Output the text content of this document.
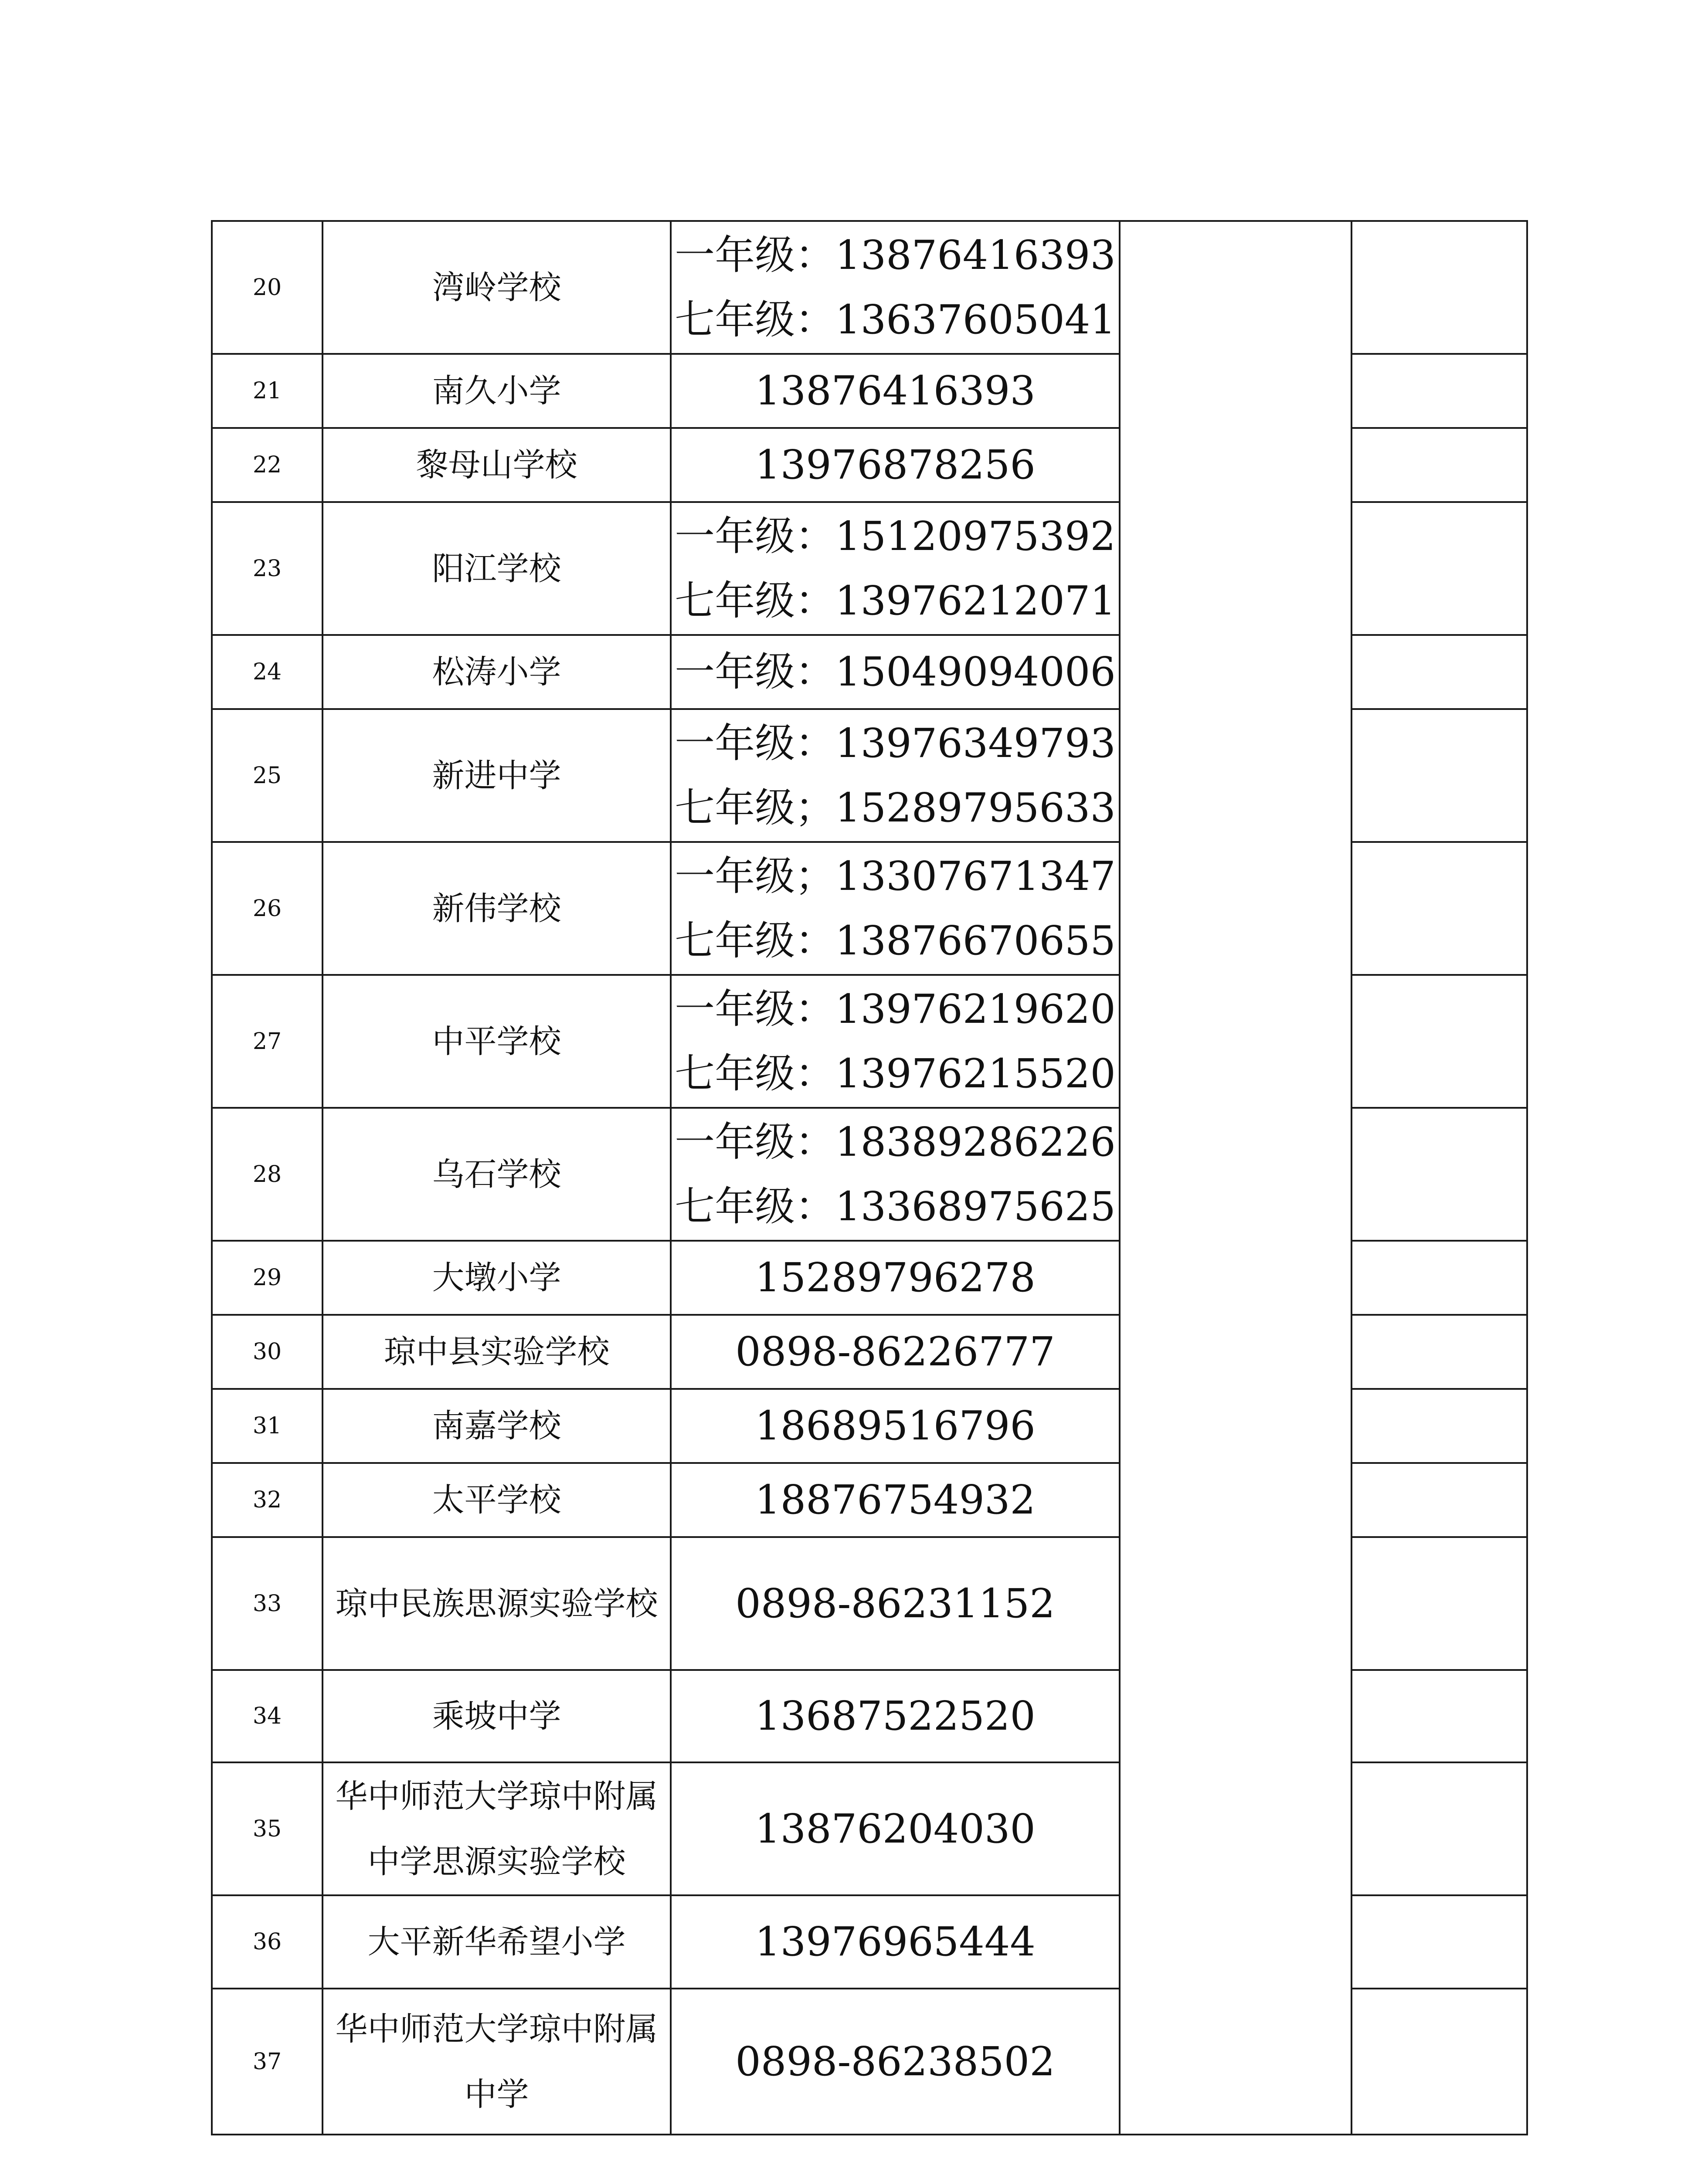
20	湾岭学校	一年级：13876416393
七年级：13637605041		

21	南久小学	13876416393		

22	黎母山学校	13976878256		

23	阳江学校	一年级：15120975392
七年级：13976212071		

24	松涛小学	一年级：15049094006		

25	新进中学	一年级：13976349793
七年级；15289795633		

26	新伟学校	一年级；13307671347
七年级：13876670655		

27	中平学校	一年级：13976219620
七年级：13976215520		

28	乌石学校	一年级：18389286226
七年级：13368975625		

29	大墩小学	15289796278		

30	琼中县实验学校	0898-86226777		

31	南嘉学校	18689516796		

32	太平学校	18876754932		

33	琼中民族思源实验学校	0898-86231152		

34	乘坡中学	13687522520		

35	华中师范大学琼中附属中学思源实验学校	13876204030		

36	大平新华希望小学	13976965444		

37	华中师范大学琼中附属中学	0898-86238502		
